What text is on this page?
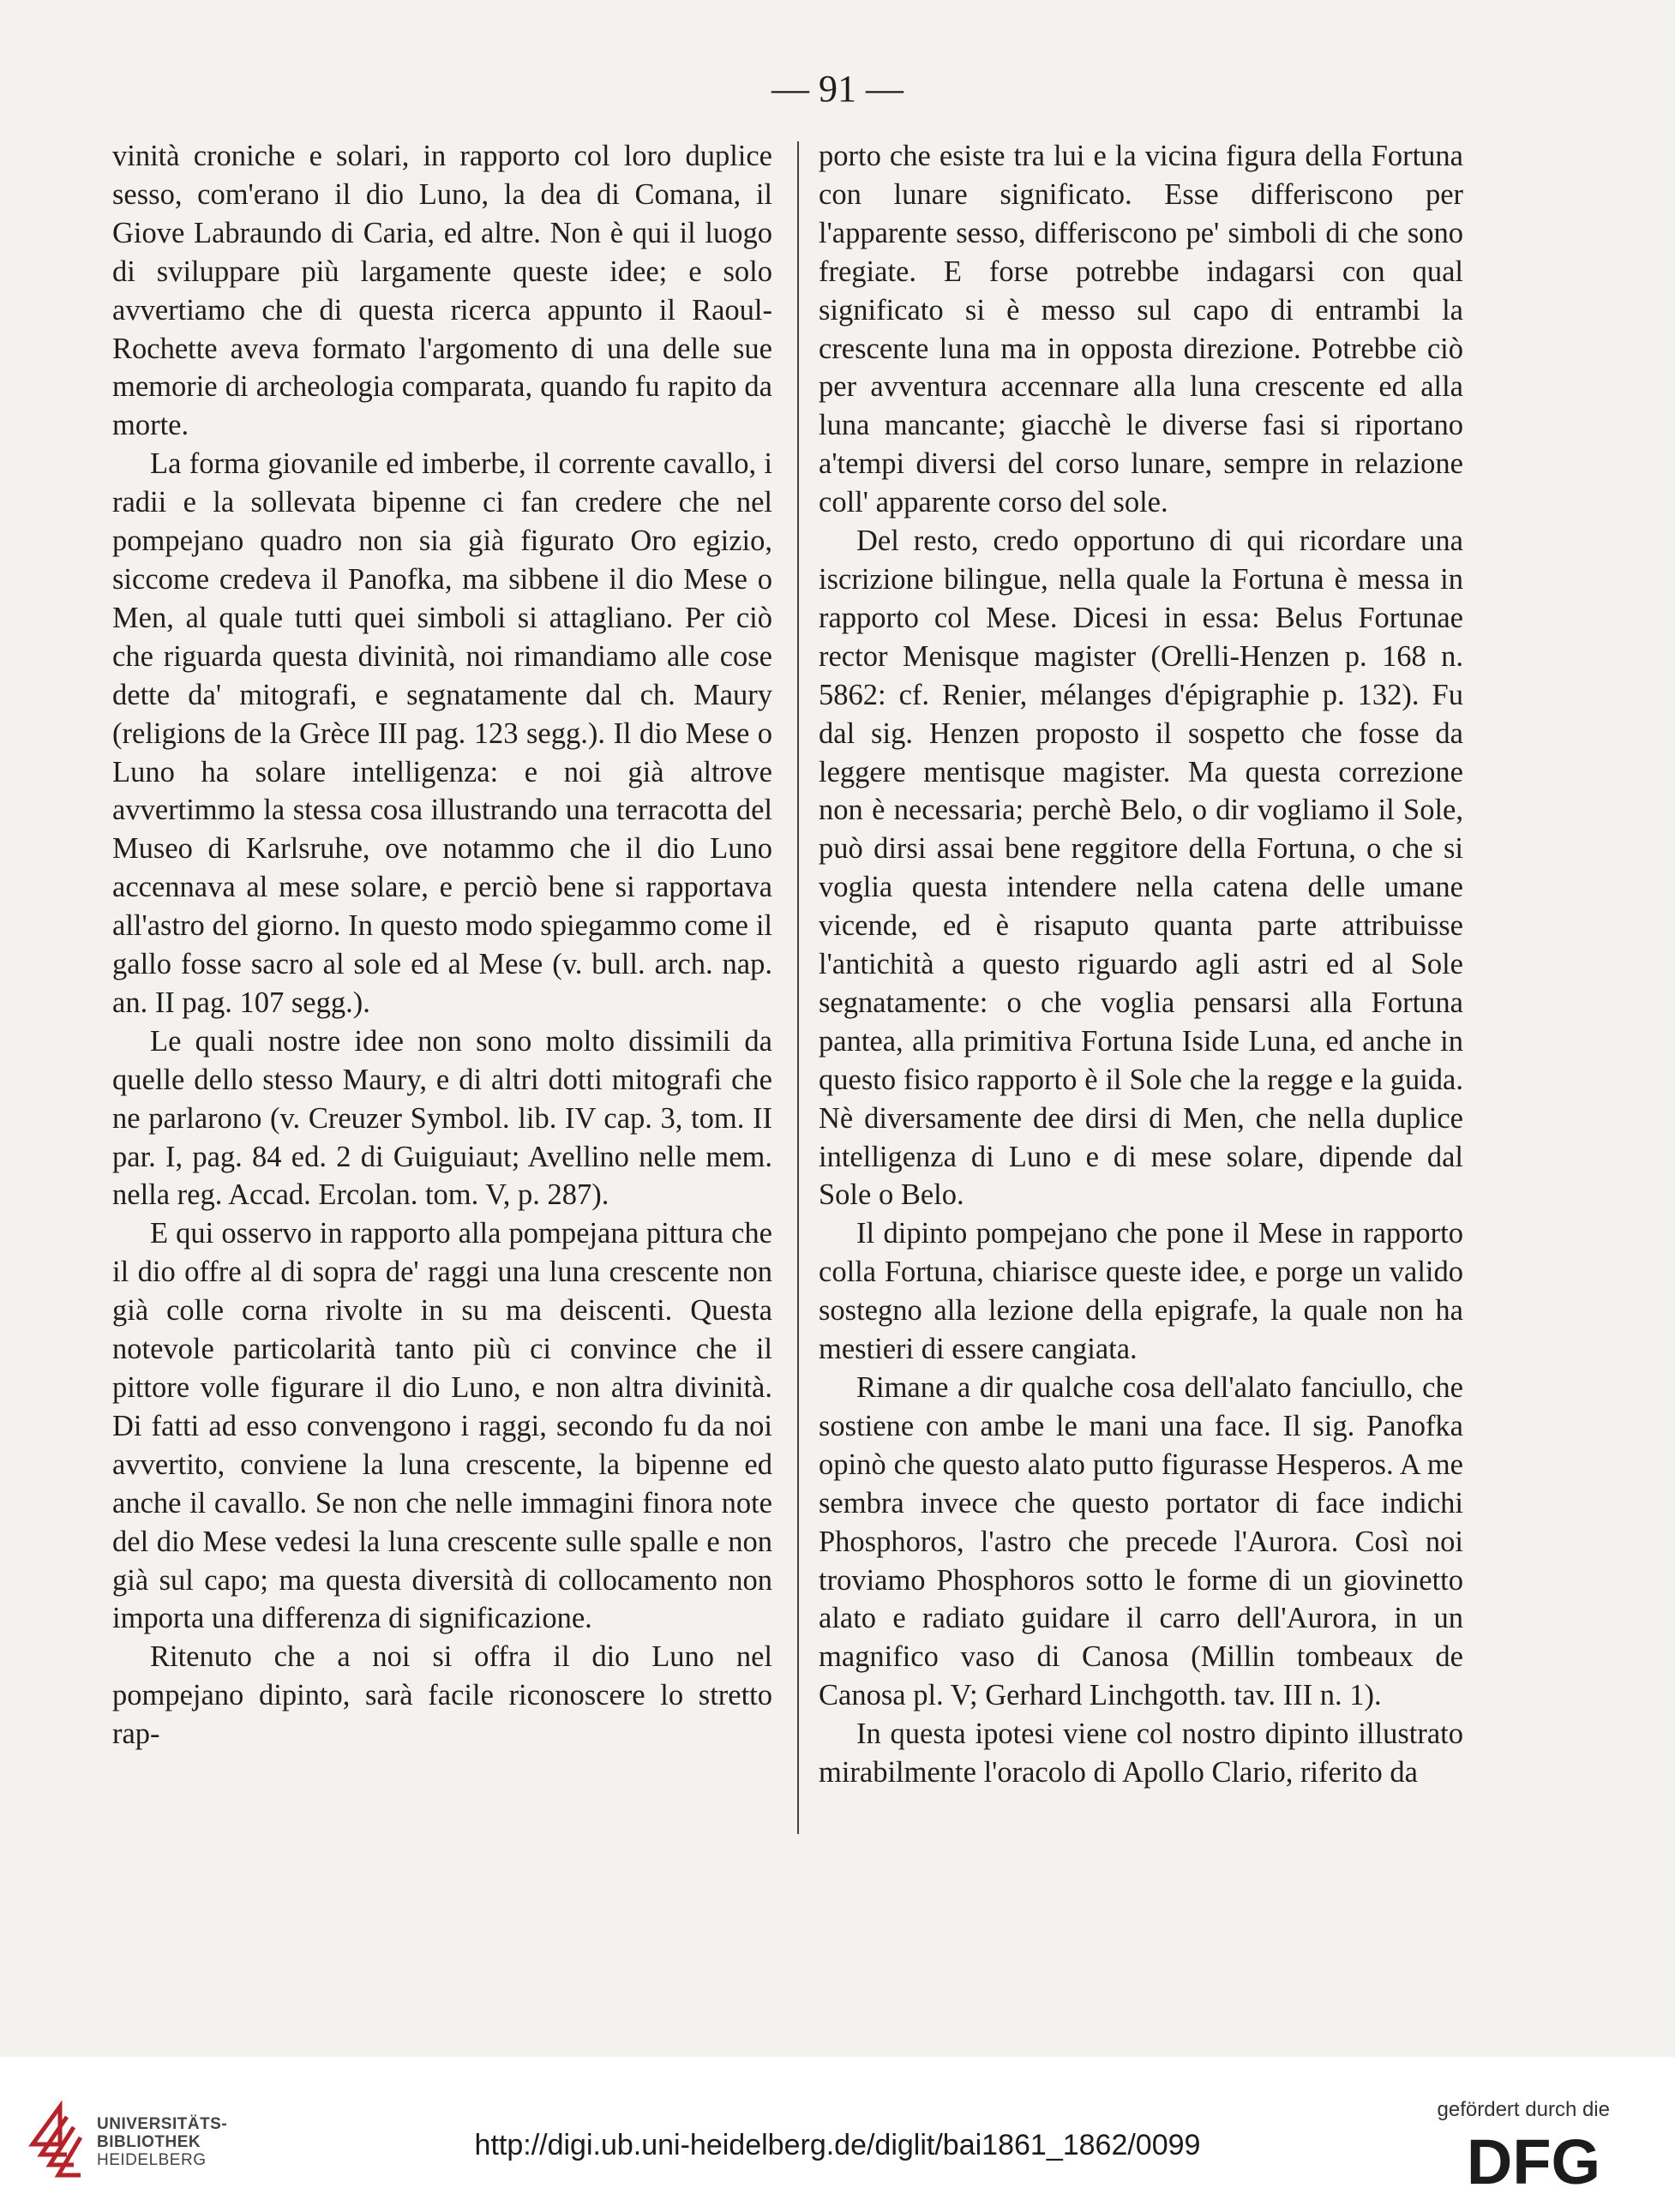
— 91 —

vinità croniche e solari, in rapporto col loro duplice sesso, com'erano il dio Luno, la dea di Comana, il Giove Labraundo di Caria, ed altre. Non è qui il luogo di sviluppare più largamente queste idee; e solo avvertiamo che di questa ricerca appunto il Raoul-Rochette aveva formato l'argomento di una delle sue memorie di archeologia comparata, quando fu rapito da morte.

La forma giovanile ed imberbe, il corrente cavallo, i radii e la sollevata bipenne ci fan credere che nel pompejano quadro non sia già figurato Oro egizio, siccome credeva il Panofka, ma sibbene il dio Mese o Men, al quale tutti quei simboli si attagliano. Per ciò che riguarda questa divinità, noi rimandiamo alle cose dette da' mitografi, e segnatamente dal ch. Maury (religions de la Grèce III pag. 123 segg.). Il dio Mese o Luno ha solare intelligenza: e noi già altrove avvertimmo la stessa cosa illustrando una terracotta del Museo di Karlsruhe, ove notammo che il dio Luno accennava al mese solare, e perciò bene si rapportava all'astro del giorno. In questo modo spiegammo come il gallo fosse sacro al sole ed al Mese (v. bull. arch. nap. an. II pag. 107 segg.).

Le quali nostre idee non sono molto dissimili da quelle dello stesso Maury, e di altri dotti mitografi che ne parlarono (v. Creuzer Symbol. lib. IV cap. 3, tom. II par. I, pag. 84 ed. 2 di Guiguiaut; Avellino nelle mem. nella reg. Accad. Ercolan. tom. V, p. 287).

E qui osservo in rapporto alla pompejana pittura che il dio offre al di sopra de' raggi una luna crescente non già colle corna rivolte in su ma deiscenti. Questa notevole particolarità tanto più ci convince che il pittore volle figurare il dio Luno, e non altra divinità. Di fatti ad esso convengono i raggi, secondo fu da noi avvertito, conviene la luna crescente, la bipenne ed anche il cavallo. Se non che nelle immagini finora note del dio Mese vedesi la luna crescente sulle spalle e non già sul capo; ma questa diversità di collocamento non importa una differenza di significazione.

Ritenuto che a noi si offra il dio Luno nel pompejano dipinto, sarà facile riconoscere lo stretto rap-

porto che esiste tra lui e la vicina figura della Fortuna con lunare significato. Esse differiscono per l'apparente sesso, differiscono pe' simboli di che sono fregiate. E forse potrebbe indagarsi con qual significato si è messo sul capo di entrambi la crescente luna ma in opposta direzione. Potrebbe ciò per avventura accennare alla luna crescente ed alla luna mancante; giacchè le diverse fasi si riportano a'tempi diversi del corso lunare, sempre in relazione coll' apparente corso del sole.

Del resto, credo opportuno di qui ricordare una iscrizione bilingue, nella quale la Fortuna è messa in rapporto col Mese. Dicesi in essa: Belus Fortunae rector Menisque magister (Orelli-Henzen p. 168 n. 5862: cf. Renier, mélanges d'épigraphie p. 132). Fu dal sig. Henzen proposto il sospetto che fosse da leggere mentisque magister. Ma questa correzione non è necessaria; perchè Belo, o dir vogliamo il Sole, può dirsi assai bene reggitore della Fortuna, o che si voglia questa intendere nella catena delle umane vicende, ed è risaputo quanta parte attribuisse l'antichità a questo riguardo agli astri ed al Sole segnatamente: o che voglia pensarsi alla Fortuna pantea, alla primitiva Fortuna Iside Luna, ed anche in questo fisico rapporto è il Sole che la regge e la guida. Nè diversamente dee dirsi di Men, che nella duplice intelligenza di Luno e di mese solare, dipende dal Sole o Belo.

Il dipinto pompejano che pone il Mese in rapporto colla Fortuna, chiarisce queste idee, e porge un valido sostegno alla lezione della epigrafe, la quale non ha mestieri di essere cangiata.

Rimane a dir qualche cosa dell'alato fanciullo, che sostiene con ambe le mani una face. Il sig. Panofka opinò che questo alato putto figurasse Hesperos. A me sembra invece che questo portator di face indichi Phosphoros, l'astro che precede l'Aurora. Così noi troviamo Phosphoros sotto le forme di un giovinetto alato e radiato guidare il carro dell'Aurora, in un magnifico vaso di Canosa (Millin tombeaux de Canosa pl. V; Gerhard Linchgotth. tav. III n. 1).

In questa ipotesi viene col nostro dipinto illustrato mirabilmente l'oracolo di Apollo Clario, riferito da

UNIVERSITÄTS-
BIBLIOTHEK
HEIDELBERG	http://digi.ub.uni-heidelberg.de/diglit/bai1861_1862/0099
gefördert durch die
DFG
